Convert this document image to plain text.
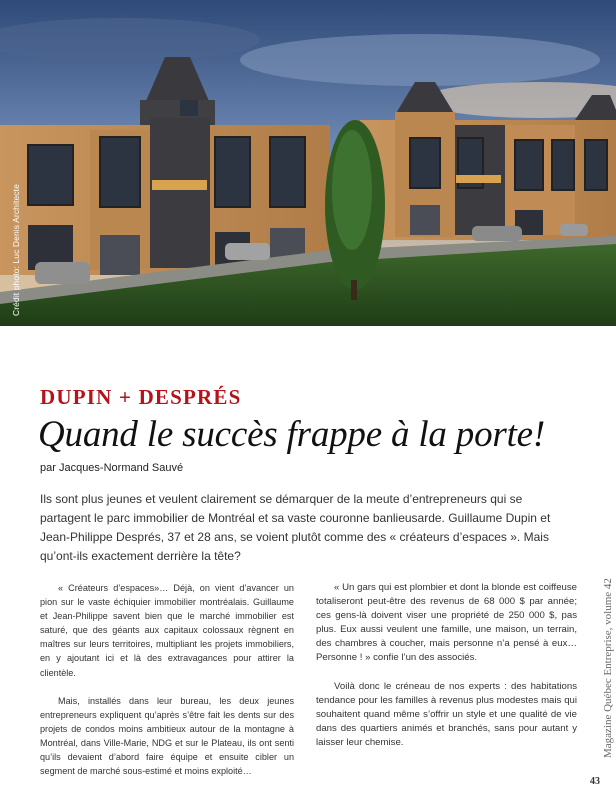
Crédit photo: Luc Denis Architecte
DUPIN + DESPRÉS
Quand le succès frappe à la porte!
par Jacques-Normand Sauvé
Ils sont plus jeunes et veulent clairement se démarquer de la meute d’entrepreneurs qui se partagent le parc immobilier de Montréal et sa vaste couronne banlieusarde. Guillaume Dupin et Jean-Philippe Després, 37 et 28 ans, se voient plutôt comme des « créateurs d’espaces ». Mais qu’ont-ils exactement derrière la tête?

« Créateurs d’espaces»… Déjà, on vient d’avancer un pion sur le vaste échiquier immobilier montréalais. Guillaume et Jean-Philippe savent bien que le marché immobilier est saturé, que des géants aux capitaux colossaux règnent en maîtres sur leurs territoires, multipliant les projets immobiliers, en y ajoutant ici et là des extravagances pour attirer la clientèle.

Mais, installés dans leur bureau, les deux jeunes entrepreneurs expliquent qu’après s’être fait les dents sur des projets de condos moins ambitieux autour de la montagne à Montréal, dans Ville-Marie, NDG et sur le Plateau, ils ont senti qu’ils devaient d’abord faire équipe et ensuite cibler un segment de marché sous-estimé et moins exploité…

« Un gars qui est plombier et dont la blonde est coiffeuse totaliseront peut-être des revenus de 68 000 $ par année; ces gens-là doivent viser une propriété de 250 000 $, pas plus. Eux aussi veulent une famille, une maison, un terrain, des chambres à coucher, mais personne n’a pensé à eux… Personne ! » confie l’un des associés.

Voilà donc le créneau de nos experts : des habitations tendance pour les familles à revenus plus modestes mais qui souhaitent quand même s’offrir un style et une qualité de vie dans des quartiers animés et branchés, sans pour autant y laisser leur chemise.	Magazine Québec Entreprise, volume 42
43
